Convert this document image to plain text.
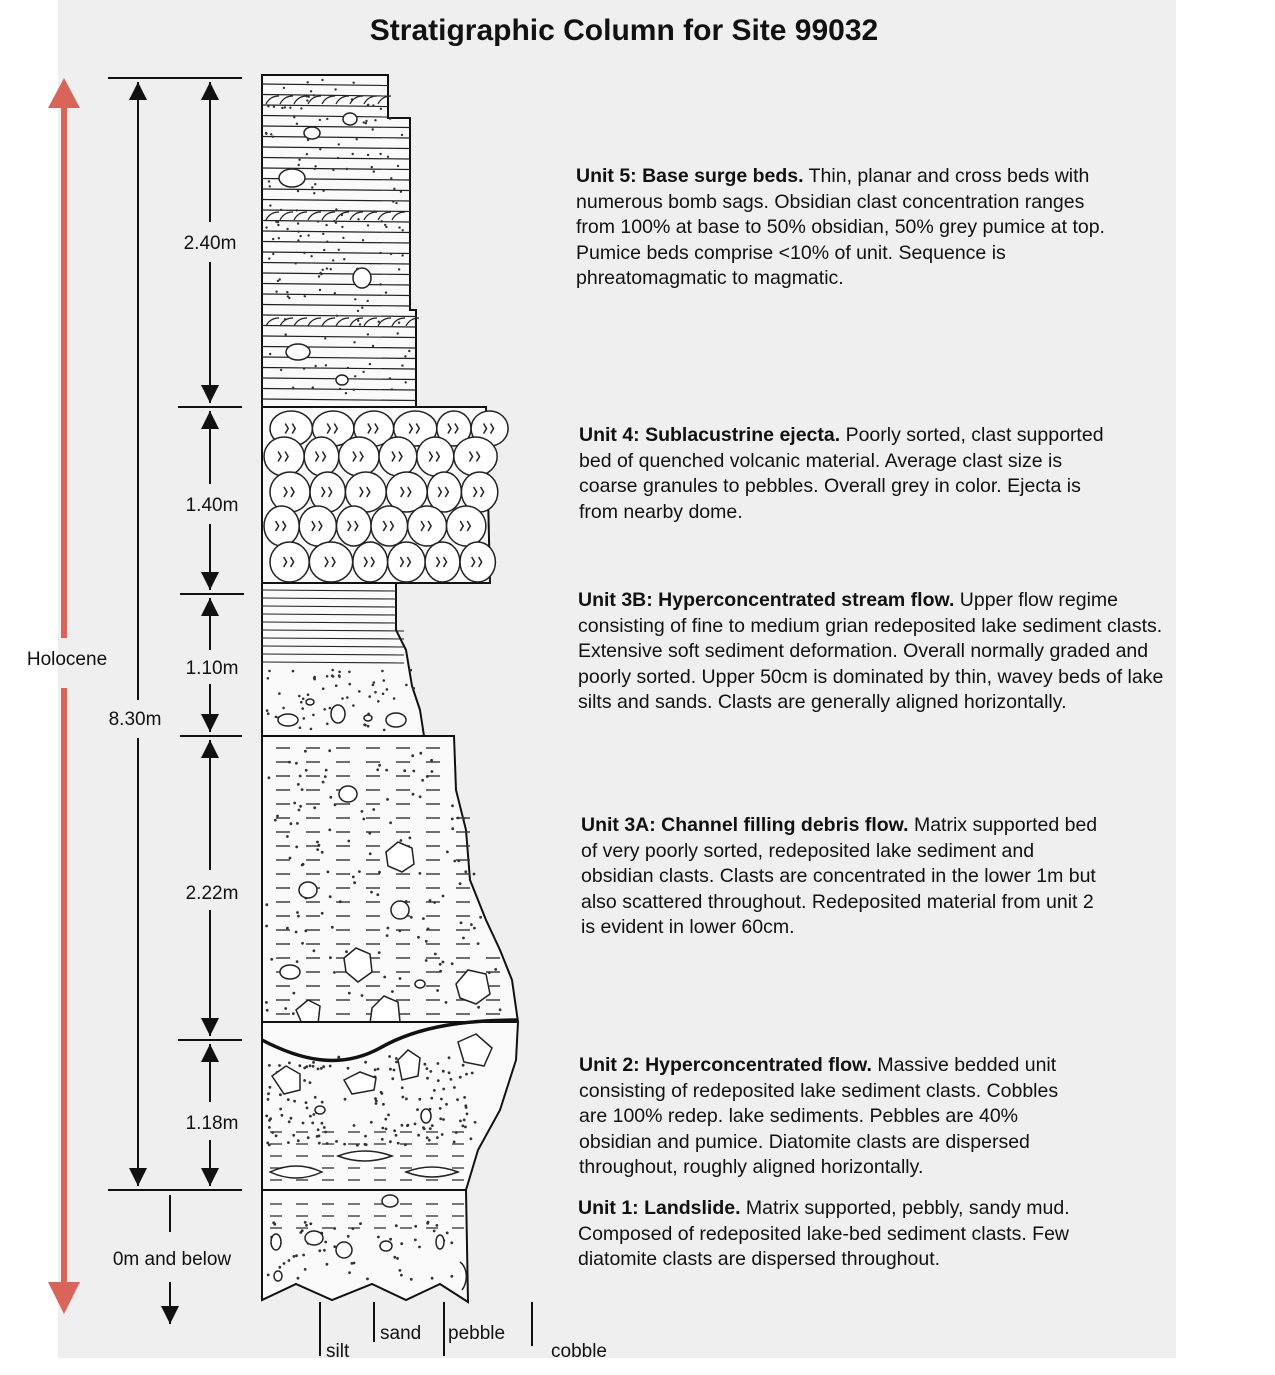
Stratigraphic Column for Site 99032
Holocene
8.30m
2.40m
1.40m
1.10m
2.22m
1.18m
0m and below
silt
sand pebble
cobble
Unit 5: Base surge beds. Thin, planar and cross beds with numerous bomb sags. Obsidian clast concentration ranges from 100% at base to 50% obsidian, 50% grey pumice at top. Pumice beds comprise <10% of unit. Sequence is phreatomagmatic to magmatic.
Unit 4: Sublacustrine ejecta. Poorly sorted, clast supported bed of quenched volcanic material. Average clast size is coarse granules to pebbles. Overall grey in color. Ejecta is from nearby dome.
Unit 3B: Hyperconcentrated stream flow. Upper flow regime consisting of fine to medium grian redeposited lake sediment clasts. Extensive soft sediment deformation. Overall normally graded and poorly sorted. Upper 50cm is dominated by thin, wavey beds of lake silts and sands. Clasts are generally aligned horizontally.
Unit 3A: Channel filling debris flow. Matrix supported bed of very poorly sorted, redeposited lake sediment and obsidian clasts. Clasts are concentrated in the lower 1m but also scattered throughout. Redeposited material from unit 2 is evident in lower 60cm.
Unit 2: Hyperconcentrated flow. Massive bedded unit consisting of redeposited lake sediment clasts. Cobbles are 100% redep. lake sediments. Pebbles are 40% obsidian and pumice. Diatomite clasts are dispersed throughout, roughly aligned horizontally.
Unit 1: Landslide. Matrix supported, pebbly, sandy mud. Composed of redeposited lake-bed sediment clasts. Few diatomite clasts are dispersed throughout.
